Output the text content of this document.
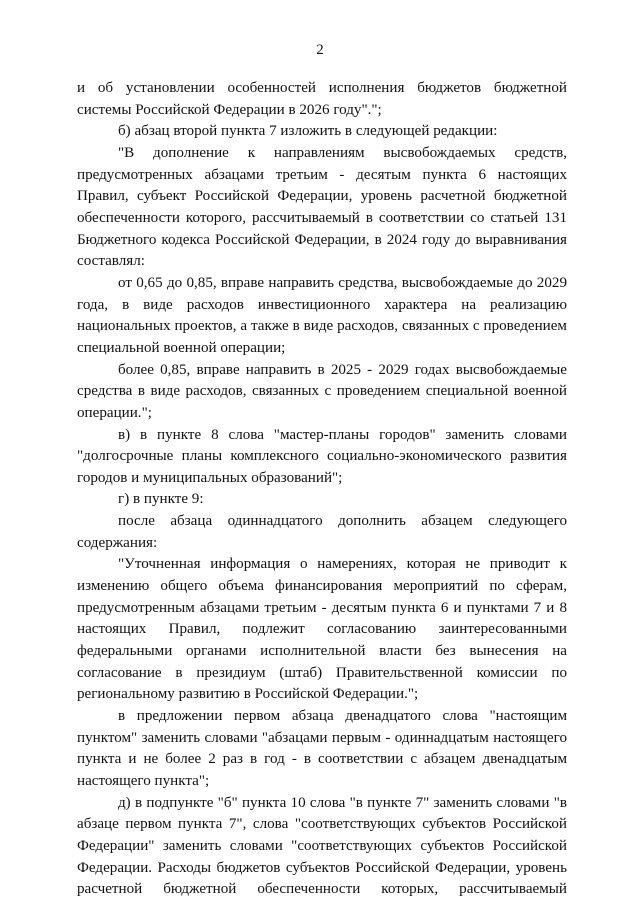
2

и об установлении особенностей исполнения бюджетов бюджетной системы Российской Федерации в 2026 году".";

б) абзац второй пункта 7 изложить в следующей редакции:

"В дополнение к направлениям высвобождаемых средств, предусмотренных абзацами третьим - десятым пункта 6 настоящих Правил, субъект Российской Федерации, уровень расчетной бюджетной обеспеченности которого, рассчитываемый в соответствии со статьей 131 Бюджетного кодекса Российской Федерации, в 2024 году до выравнивания составлял:

от 0,65 до 0,85, вправе направить средства, высвобождаемые до 2029 года, в виде расходов инвестиционного характера на реализацию национальных проектов, а также в виде расходов, связанных с проведением специальной военной операции;

более 0,85, вправе направить в 2025 - 2029 годах высвобождаемые средства в виде расходов, связанных с проведением специальной военной операции.";

в) в пункте 8 слова "мастер-планы городов" заменить словами "долгосрочные планы комплексного социально-экономического развития городов и муниципальных образований";

г) в пункте 9:

после абзаца одиннадцатого дополнить абзацем следующего содержания:

"Уточненная информация о намерениях, которая не приводит к изменению общего объема финансирования мероприятий по сферам, предусмотренным абзацами третьим - десятым пункта 6 и пунктами 7 и 8 настоящих Правил, подлежит согласованию заинтересованными федеральными органами исполнительной власти без вынесения на согласование в президиум (штаб) Правительственной комиссии по региональному развитию в Российской Федерации.";

в предложении первом абзаца двенадцатого слова "настоящим пунктом" заменить словами "абзацами первым - одиннадцатым настоящего пункта и не более 2 раз в год - в соответствии с абзацем двенадцатым настоящего пункта";

д) в подпункте "б" пункта 10 слова "в пункте 7" заменить словами "в абзаце первом пункта 7", слова "соответствующих субъектов Российской Федерации" заменить словами "соответствующих субъектов Российской Федерации. Расходы бюджетов субъектов Российской Федерации, уровень расчетной бюджетной обеспеченности которых, рассчитываемый
